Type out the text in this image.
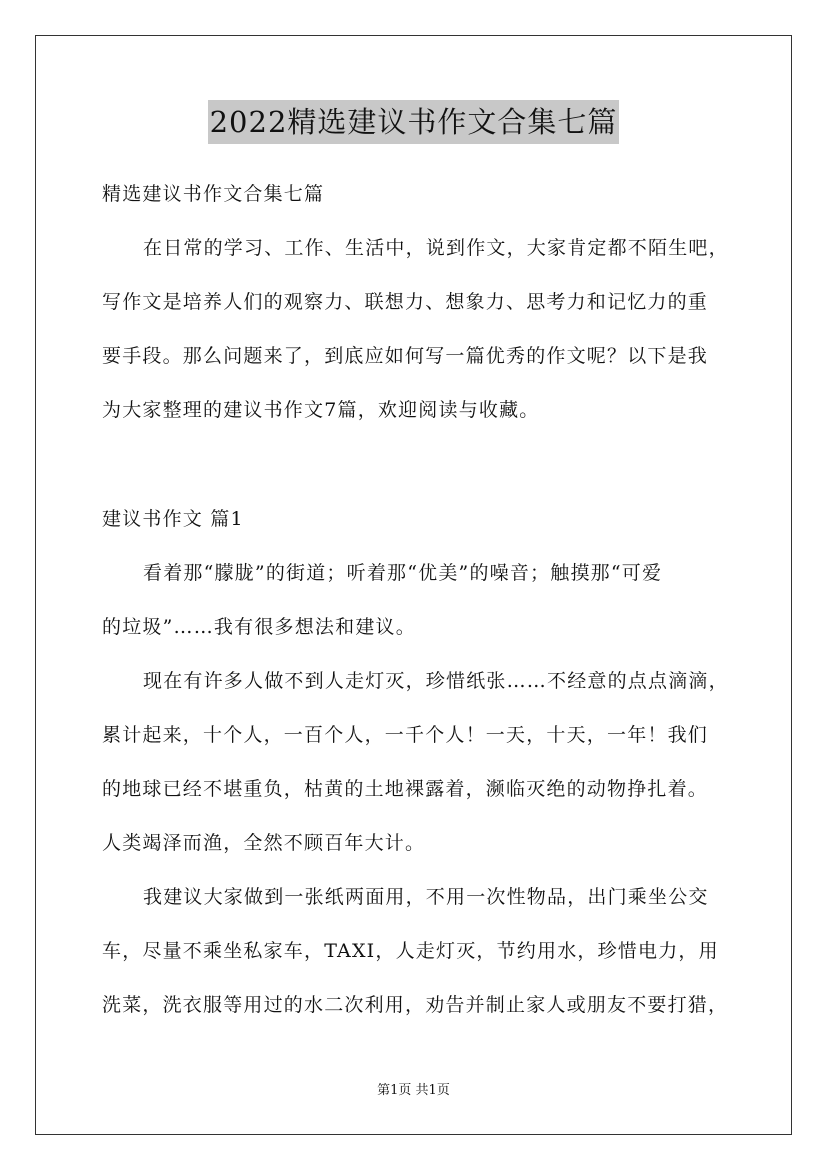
2022精选建议书作文合集七篇
精选建议书作文合集七篇
在日常的学习、工作、生活中，说到作文，大家肯定都不陌生吧，
写作文是培养人们的观察力、联想力、想象力、思考力和记忆力的重
要手段。那么问题来了，到底应如何写一篇优秀的作文呢？以下是我
为大家整理的建议书作文7篇，欢迎阅读与收藏。
建议书作文 篇1
看着那“朦胧”的街道；听着那“优美”的噪音；触摸那“可爱
的垃圾”……我有很多想法和建议。
现在有许多人做不到人走灯灭，珍惜纸张……不经意的点点滴滴，
累计起来，十个人，一百个人，一千个人！一天，十天，一年！我们
的地球已经不堪重负，枯黄的土地裸露着，濒临灭绝的动物挣扎着。
人类竭泽而渔，全然不顾百年大计。
我建议大家做到一张纸两面用，不用一次性物品，出门乘坐公交
车，尽量不乘坐私家车，TAXI，人走灯灭，节约用水，珍惜电力，用
洗菜，洗衣服等用过的水二次利用，劝告并制止家人或朋友不要打猎，
第1页 共1页
